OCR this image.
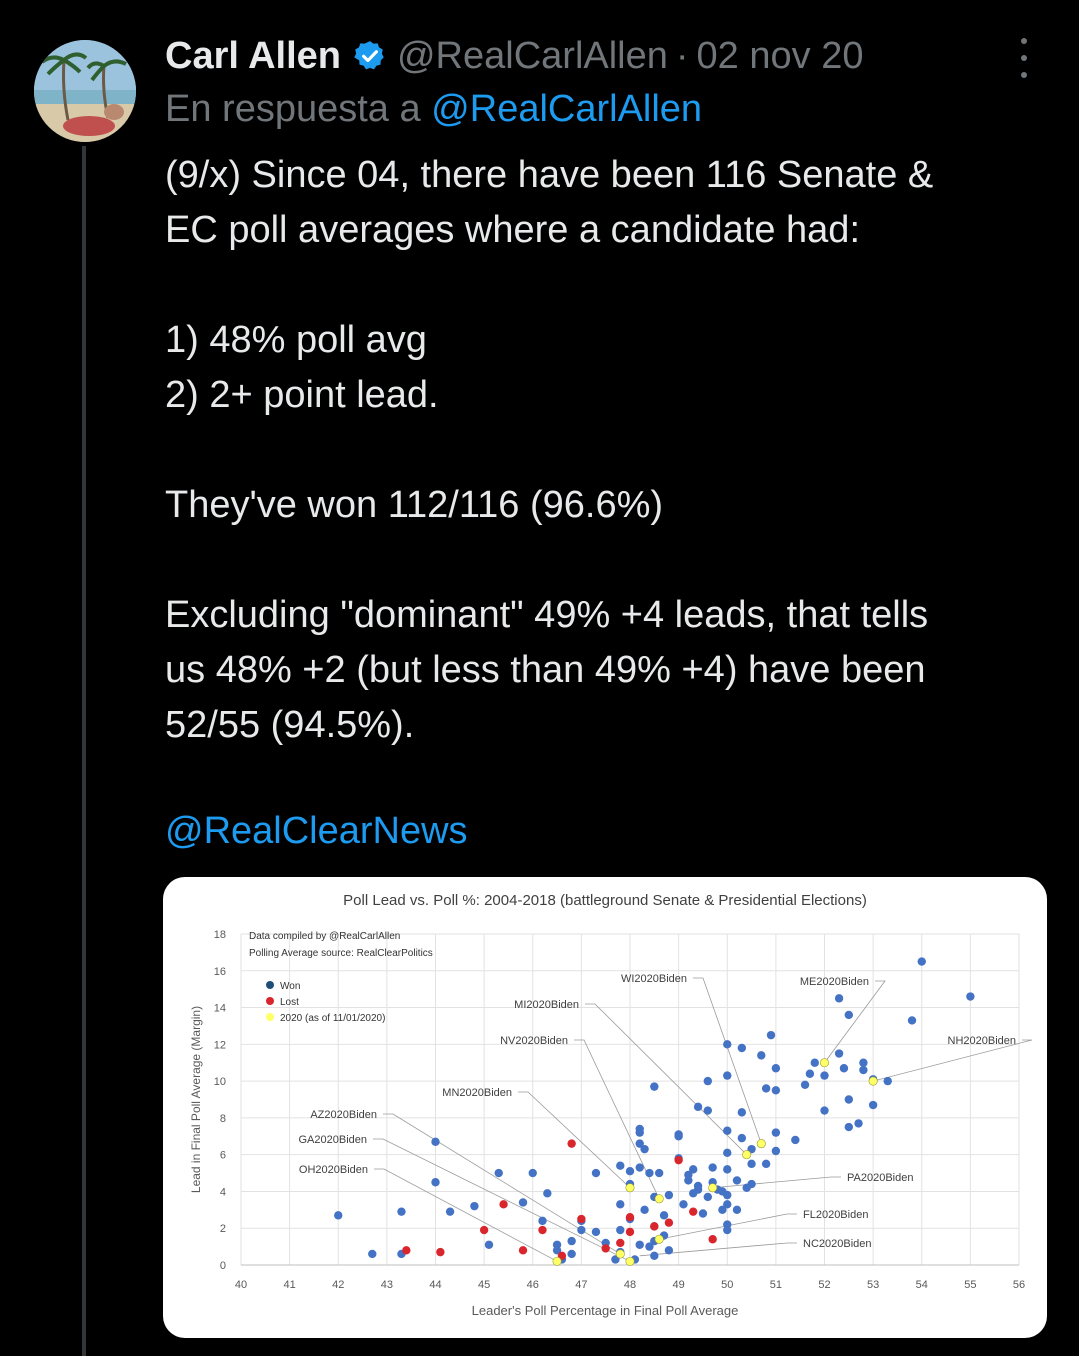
Carl Allen @RealCarlAllen · 02 nov 20
En respuesta a @RealCarlAllen

(9/x) Since 04, there have been 116 Senate &

EC poll averages where a candidate had:

1) 48% poll avg

2) 2+ point lead.

They've won 112/116 (96.6%)

Excluding "dominant" 49% +4 leads, that tells

us 48% +2 (but less than 49% +4) have been

52/55 (94.5%).

@RealClearNews
Poll Lead vs. Poll %: 2004-2018 (battleground Senate & Presidential Elections)
40	41	42	43	44	45	46	47	48	49	50	51	52	53	54	55	56
0
2
4
6
8
10
12
14
16
18
Leader's Poll Percentage in Final Poll Average
Lead in Final Poll Average (Margin)
Data compiled by @RealCarlAllen
Polling Average source: RealClearPolitics
Won
Lost
2020 (as of 11/01/2020)
WI2020Biden	ME2020Biden
MI2020Biden
NH2020Biden
NV2020Biden
MN2020Biden
AZ2020Biden
GA2020Biden
OH2020Biden
PA2020Biden
FL2020Biden
NC2020Biden
